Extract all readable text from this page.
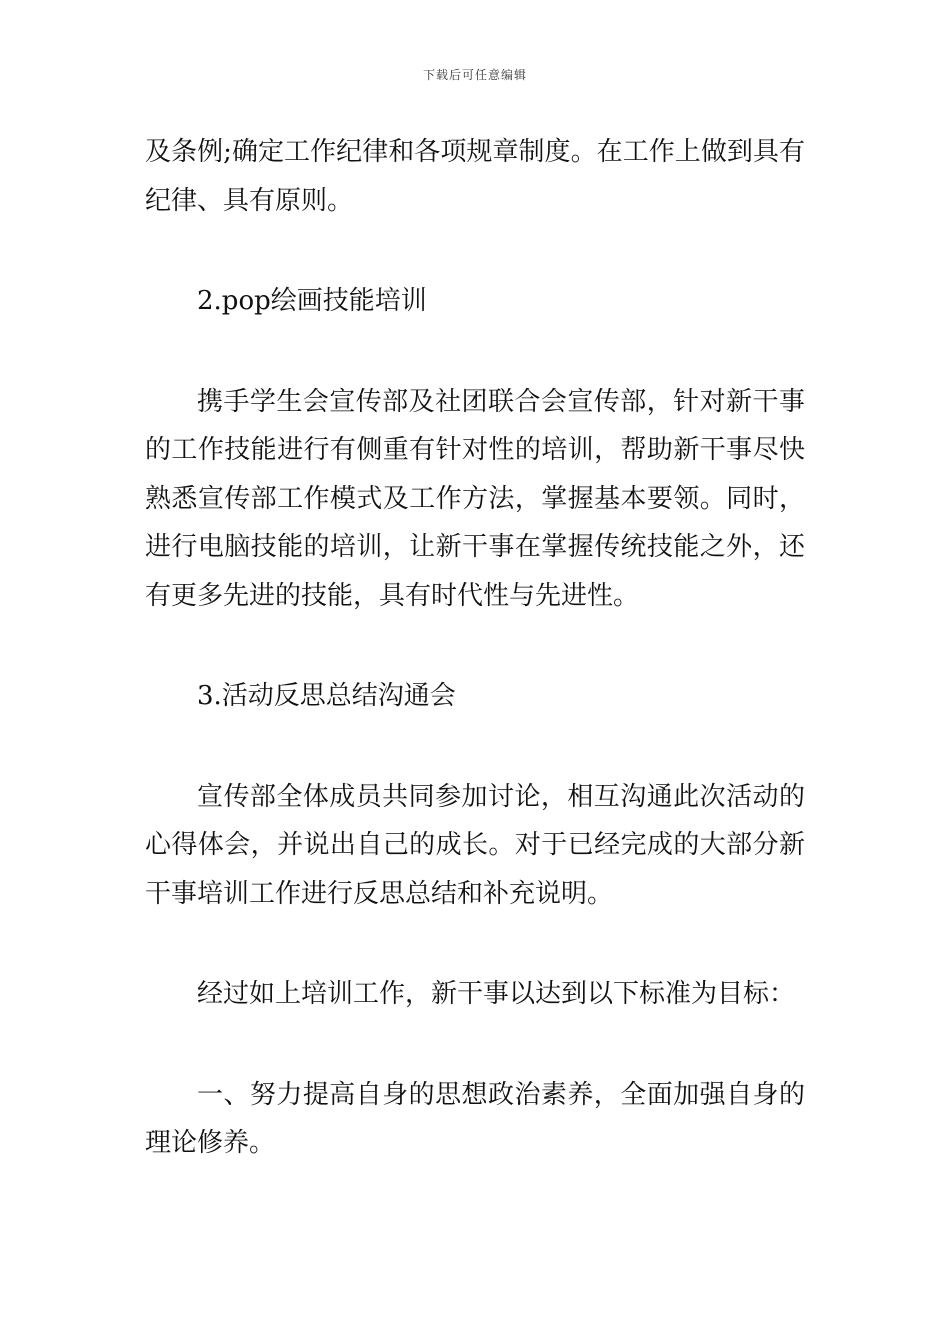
下载后可任意编辑

及条例;确定工作纪律和各项规章制度。在工作上做到具有纪律、具有原则。

2.pop绘画技能培训

携手学生会宣传部及社团联合会宣传部，针对新干事的工作技能进行有侧重有针对性的培训，帮助新干事尽快熟悉宣传部工作模式及工作方法，掌握基本要领。同时，进行电脑技能的培训，让新干事在掌握传统技能之外，还有更多先进的技能，具有时代性与先进性。

3.活动反思总结沟通会

宣传部全体成员共同参加讨论，相互沟通此次活动的心得体会，并说出自己的成长。对于已经完成的大部分新干事培训工作进行反思总结和补充说明。

经过如上培训工作，新干事以达到以下标准为目标：

一、努力提高自身的思想政治素养，全面加强自身的理论修养。
